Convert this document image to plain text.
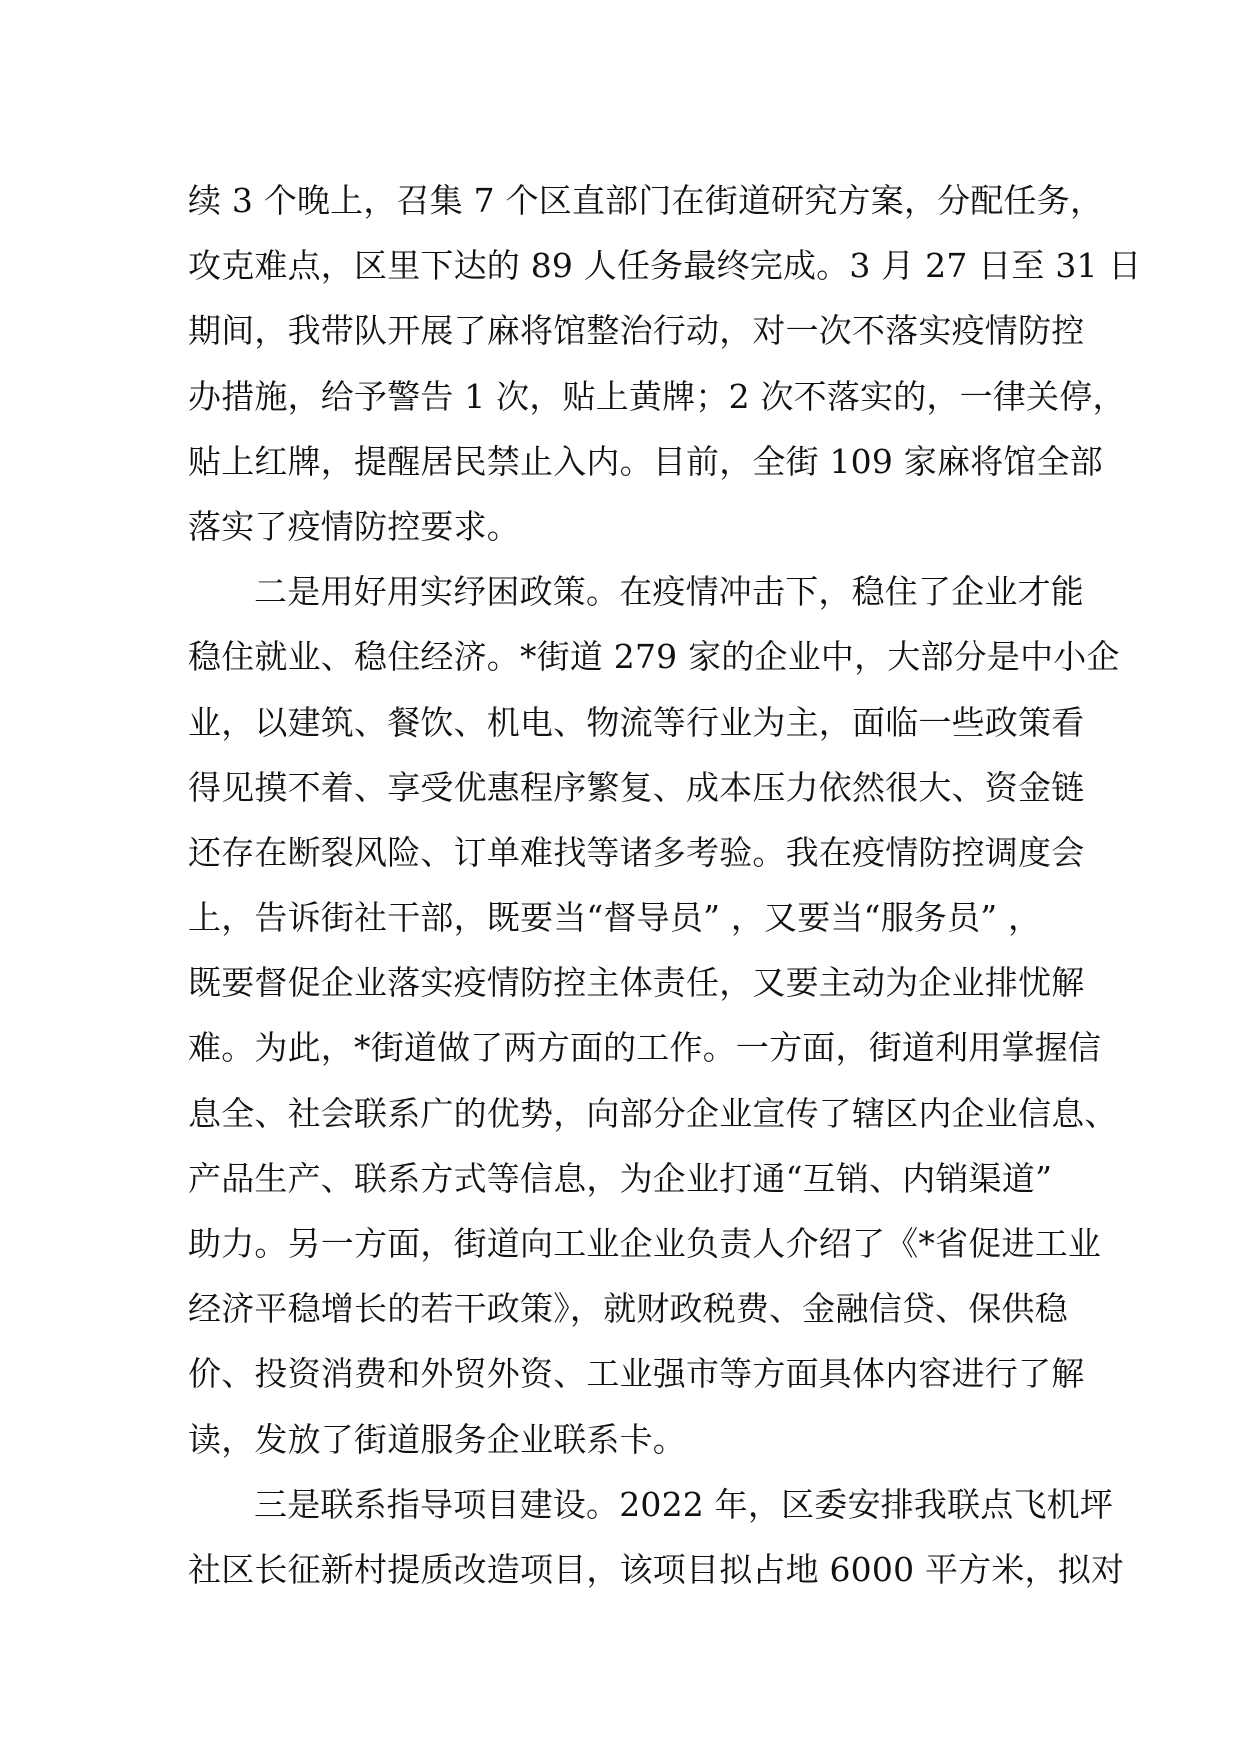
续 3 个晚上，召集 7 个区直部门在街道研究方案，分配任务，
攻克难点，区里下达的 89 人任务最终完成。3 月 27 日至 31 日
期间，我带队开展了麻将馆整治行动，对一次不落实疫情防控
办措施，给予警告 1 次，贴上黄牌；2 次不落实的，一律关停，
贴上红牌，提醒居民禁止入内。目前，全街 109 家麻将馆全部
落实了疫情防控要求。
二是用好用实纾困政策。在疫情冲击下，稳住了企业才能
稳住就业、稳住经济。*街道 279 家的企业中，大部分是中小企
业，以建筑、餐饮、机电、物流等行业为主，面临一些政策看
得见摸不着、享受优惠程序繁复、成本压力依然很大、资金链
还存在断裂风险、订单难找等诸多考验。我在疫情防控调度会
上，告诉街社干部，既要当“督导员” ，又要当“服务员” ，
既要督促企业落实疫情防控主体责任，又要主动为企业排忧解
难。为此，*街道做了两方面的工作。一方面，街道利用掌握信
息全、社会联系广的优势，向部分企业宣传了辖区内企业信息、
产品生产、联系方式等信息，为企业打通“互销、内销渠道”
助力。另一方面，街道向工业企业负责人介绍了《*省促进工业
经济平稳增长的若干政策》，就财政税费、金融信贷、保供稳
价、投资消费和外贸外资、工业强市等方面具体内容进行了解
读，发放了街道服务企业联系卡。
三是联系指导项目建设。2022 年，区委安排我联点飞机坪
社区长征新村提质改造项目，该项目拟占地 6000 平方米，拟对
